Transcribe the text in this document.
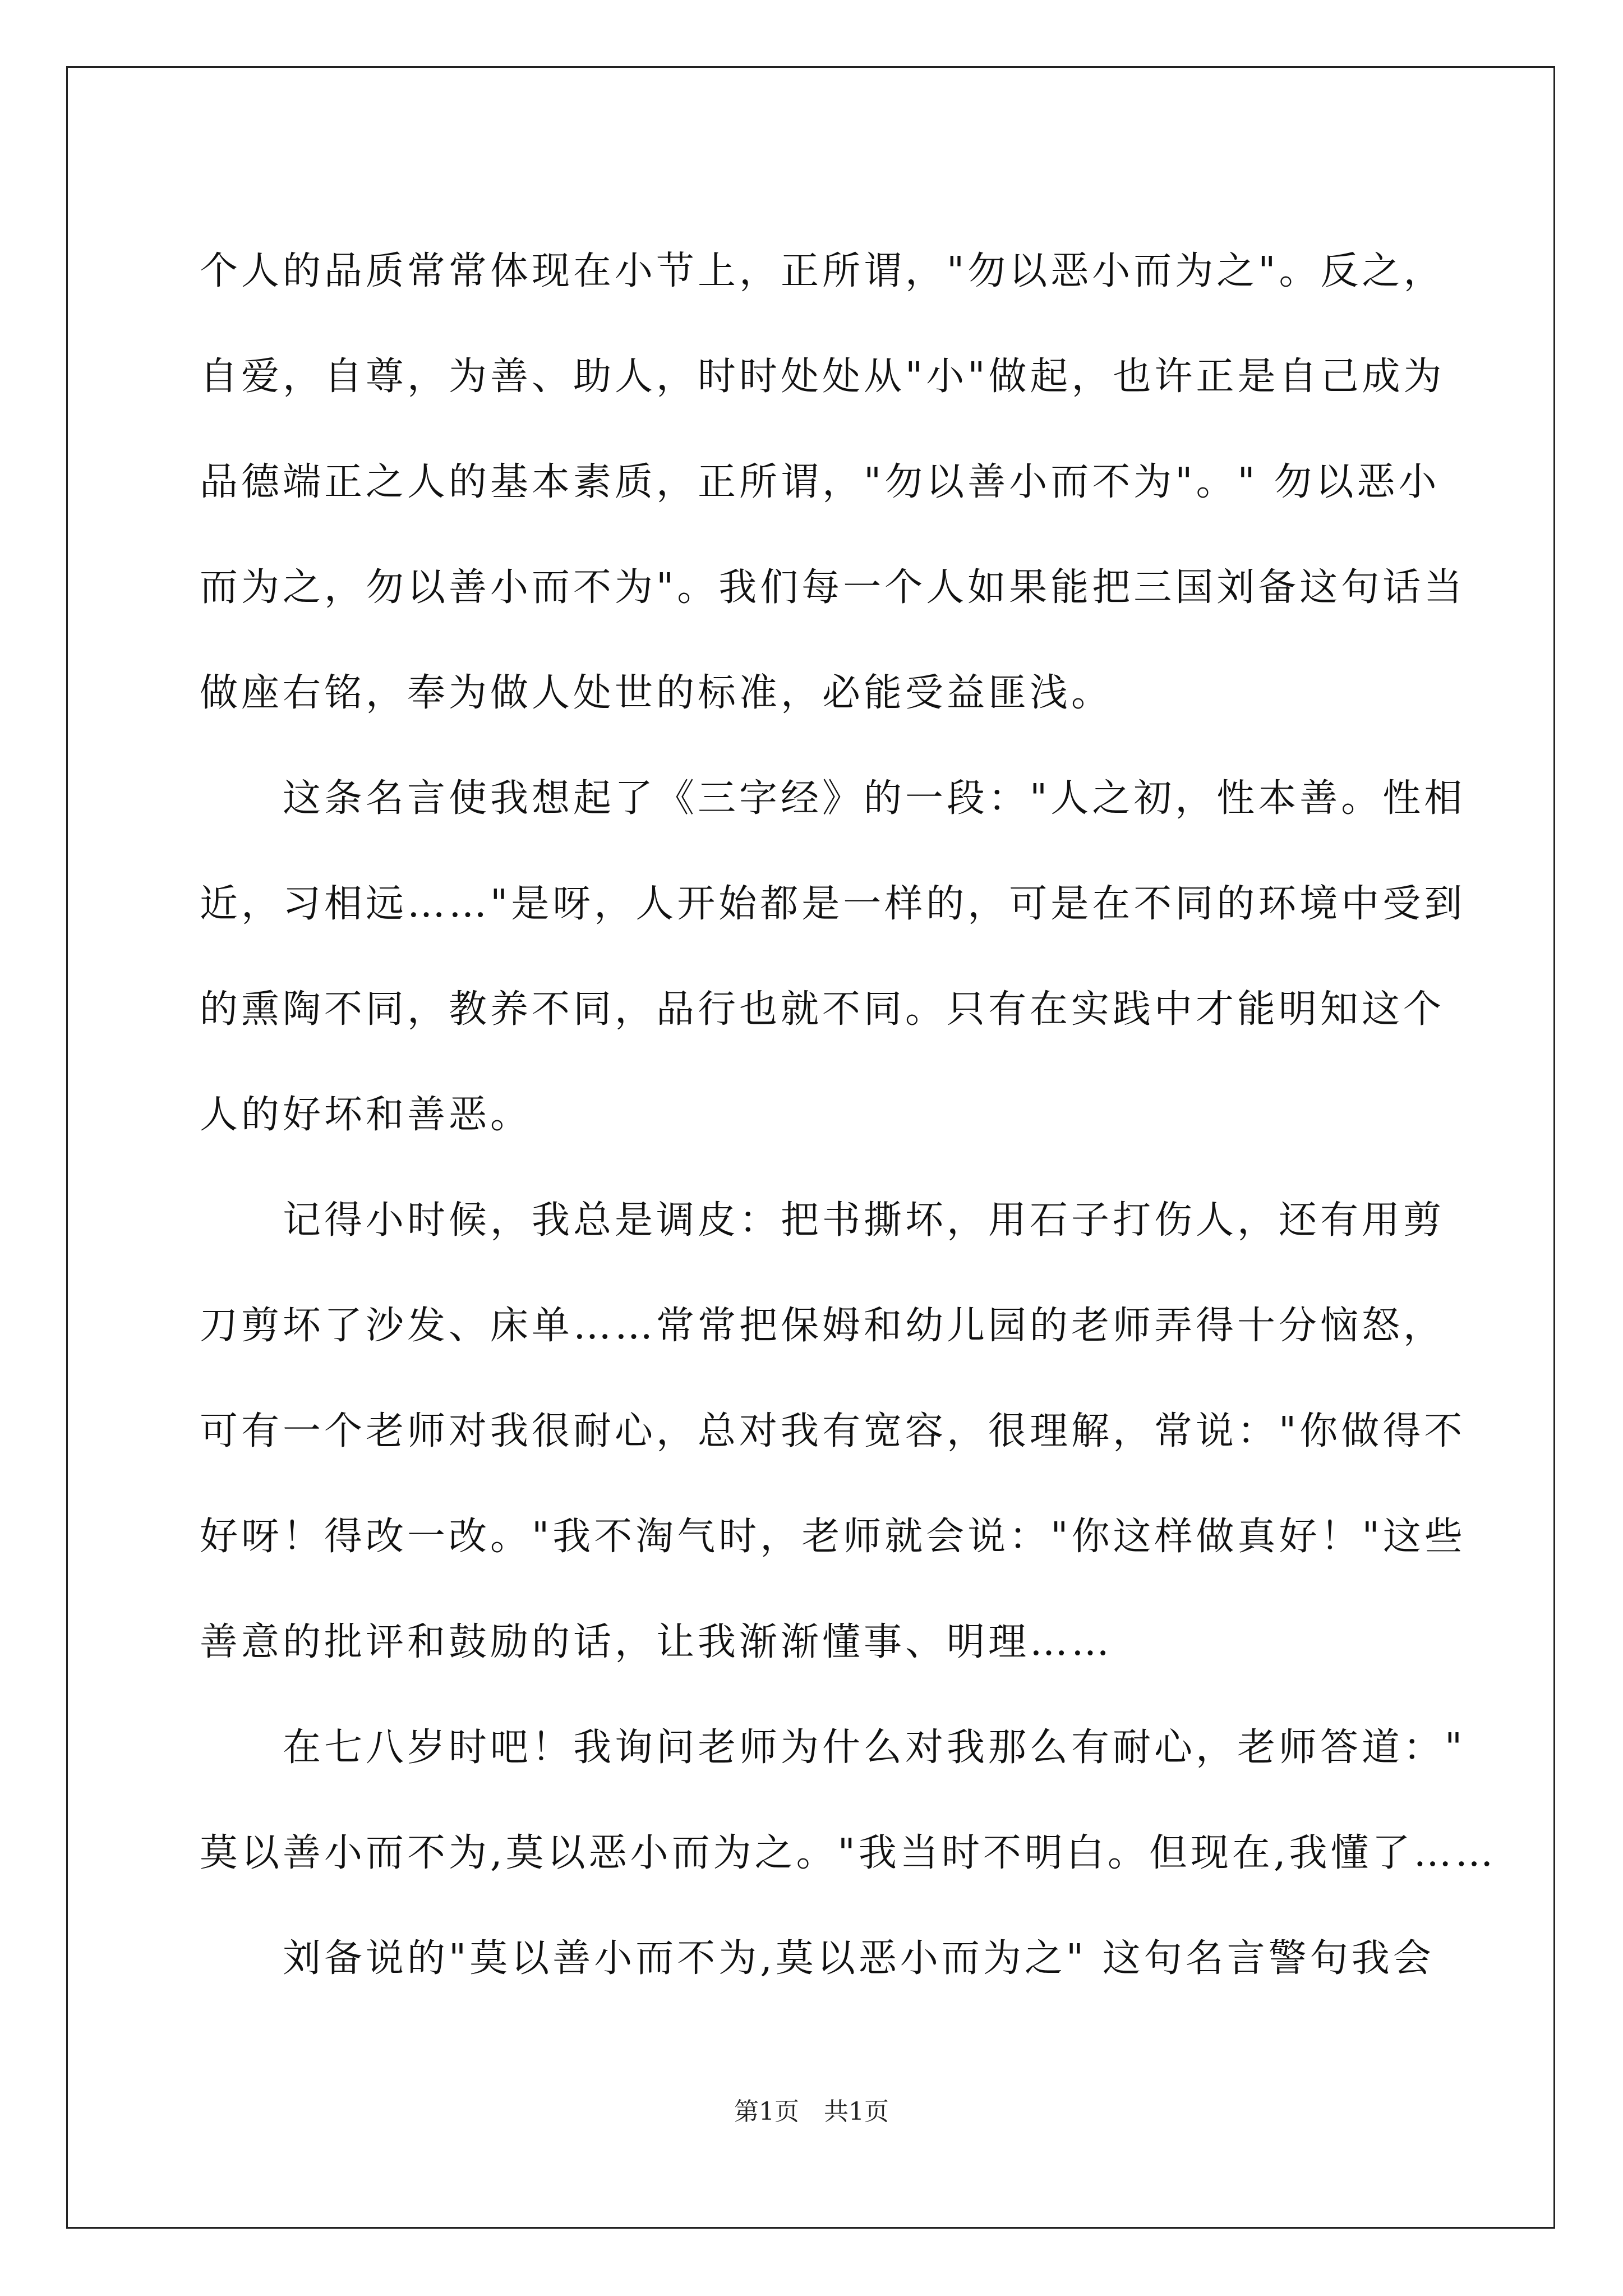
个人的品质常常体现在小节上，正所谓，"勿以恶小而为之"。反之，
自爱，自尊，为善、助人，时时处处从"小"做起，也许正是自己成为
品德端正之人的基本素质，正所谓，"勿以善小而不为"。" 勿以恶小
而为之，勿以善小而不为"。我们每一个人如果能把三国刘备这句话当
做座右铭，奉为做人处世的标准，必能受益匪浅。
　　这条名言使我想起了《三字经》的一段："人之初，性本善。性相
近，习相远……"是呀，人开始都是一样的，可是在不同的环境中受到
的熏陶不同，教养不同，品行也就不同。只有在实践中才能明知这个
人的好坏和善恶。
　　记得小时候，我总是调皮：把书撕坏，用石子打伤人，还有用剪
刀剪坏了沙发、床单……常常把保姆和幼儿园的老师弄得十分恼怒，
可有一个老师对我很耐心，总对我有宽容，很理解，常说："你做得不
好呀！得改一改。"我不淘气时，老师就会说："你这样做真好！"这些
善意的批评和鼓励的话，让我渐渐懂事、明理……
　　在七八岁时吧！我询问老师为什么对我那么有耐心，老师答道："
莫以善小而不为,莫以恶小而为之。"我当时不明白。但现在,我懂了……
　　刘备说的"莫以善小而不为,莫以恶小而为之" 这句名言警句我会
第1页　共1页
